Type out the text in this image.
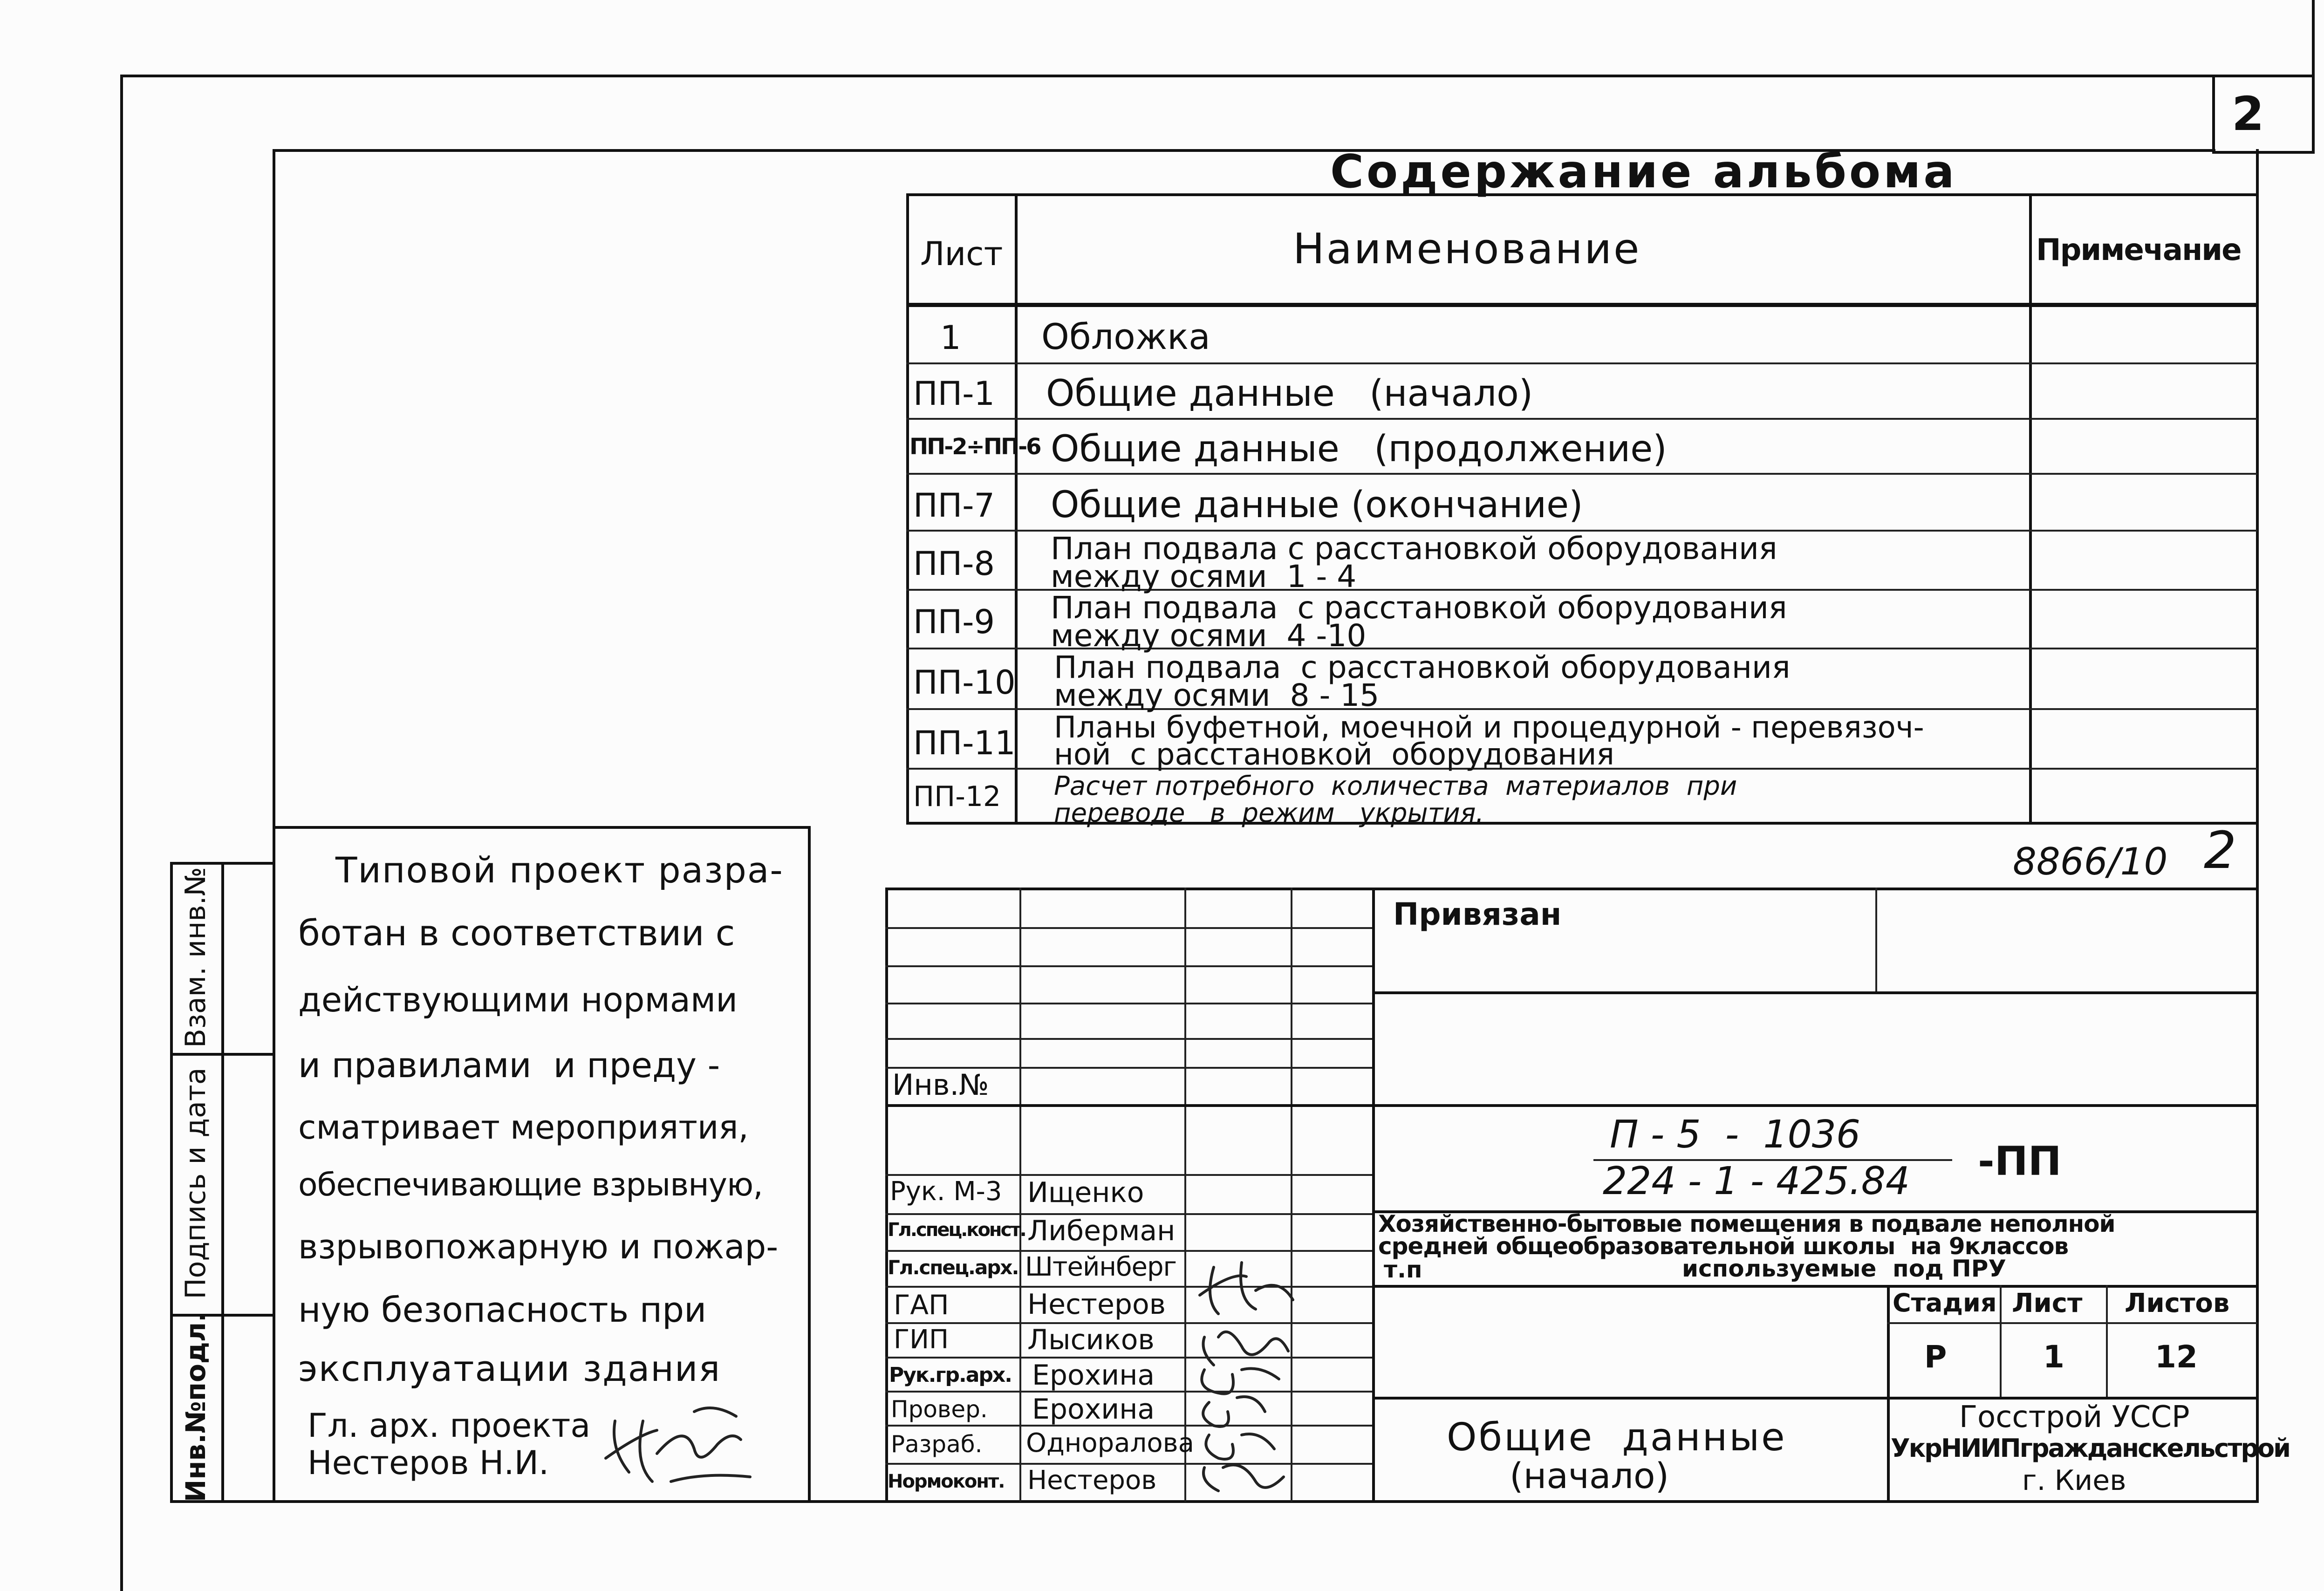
2
Содержание альбома
Лист	Наименование	Примечание
1 Обложка
ПП-1 Общие данные   (начало)
ПП-2÷ПП-6 Общие данные   (продолжение)
ПП-7 Общие данные (окончание)
ПП-8 План подвала с расстановкой оборудования
между осями  1 - 4
ПП-9 План подвала  с расстановкой оборудования
между осями  4 -10
ПП-10 План подвала  с расстановкой оборудования
между осями  8 - 15
ПП-11 Планы буфетной, моечной и процедурной - перевязоч-
ной  с расстановкой  оборудования
ПП-12 Расчет потребного  количества  материалов  при
переводе   в  режим   укрытия.
8866/10 2
Типовой проект разра-
ботан в соответствии с
действующими нормами
и правилами  и преду -
сматривает мероприятия,
обеспечивающие взрывную,
взрывопожарную и пожар-
ную безопасность при
эксплуатации здания
Гл. арх. проекта
Нестеров Н.И.
Взам. инв.№
Подпись и дата
Инв.№подл.
Инв.№
Рук. М-3 Ищенко
Гл.спец.конст. Либерман
Гл.спец.арх. Штейнберг
ГАП	Нестеров
ГИП	Лысиков
Рук.гр.арх. Ерохина
Провер. Ерохина
Разраб. Одноралова
Нормоконт. Нестеров
Привязан
П - 5  -  1036
224 - 1 - 425.84 -ПП
Хозяйственно-бытовые помещения в подвале неполной
средней общеобразовательной школы  на 9классов
т.п	используемые  под ПРУ
Стадия Лист Листов
Р	1	12
Общие  данные
(начало)
Госстрой УССР
УкрНИИПгражданскельстрой
г. Киев
